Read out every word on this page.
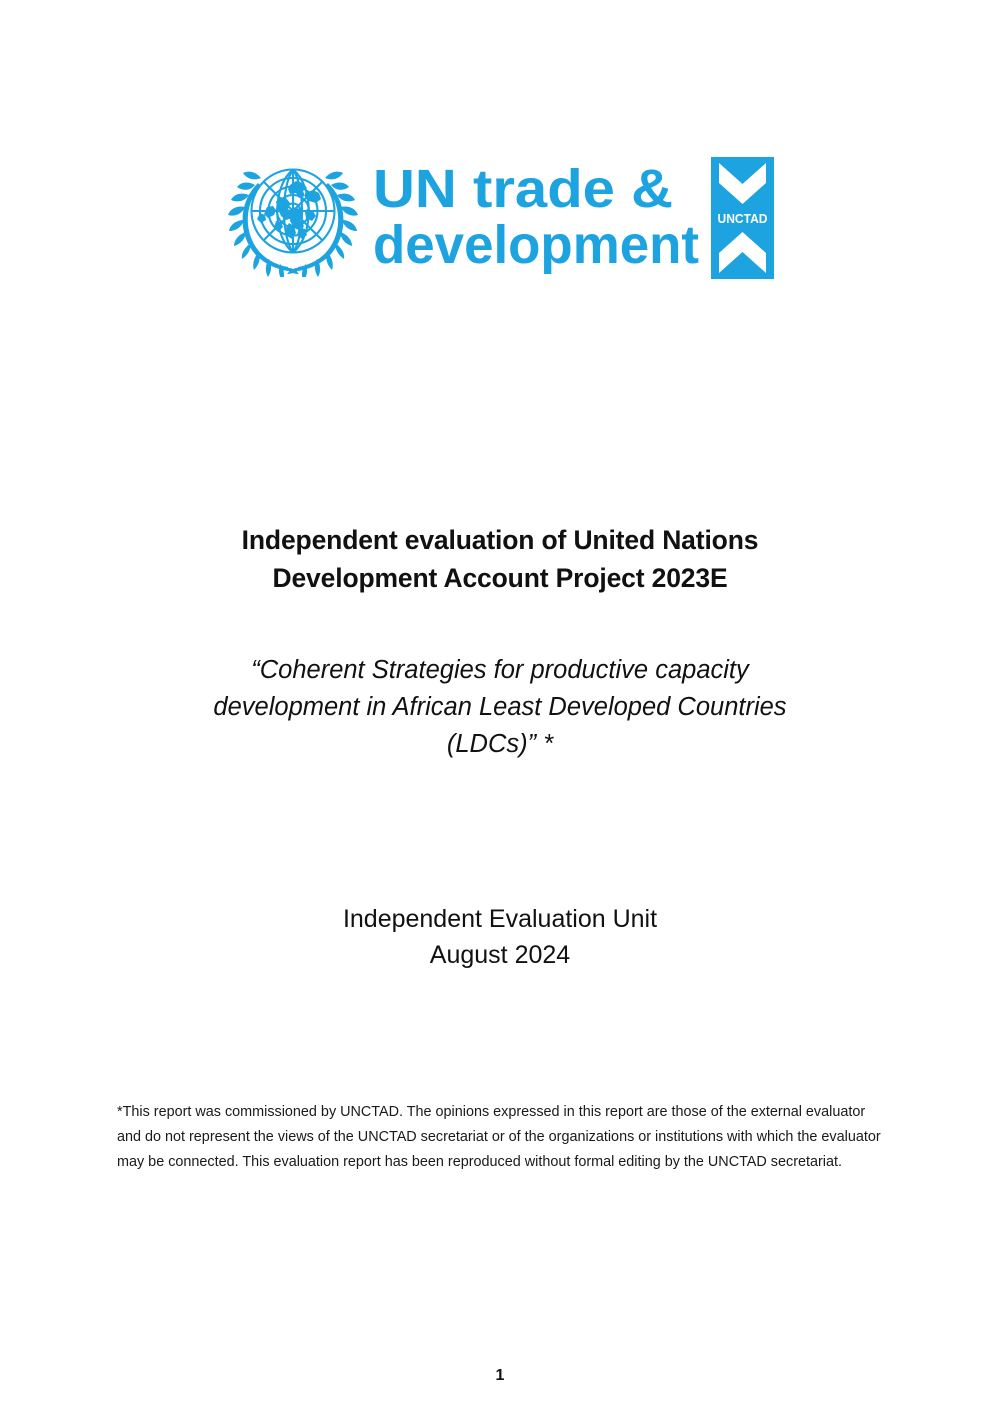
UN trade &
development UNCTAD
Independent evaluation of United Nations
Development Account Project 2023E
“Coherent Strategies for productive capacity
development in African Least Developed Countries
(LDCs)” *
Independent Evaluation Unit
August 2024

*This report was commissioned by UNCTAD. The opinions expressed in this report are those of the external evaluator and do not represent the views of the UNCTAD secretariat or of the organizations or institutions with which the evaluator may be connected. This evaluation report has been reproduced without formal editing by the UNCTAD secretariat.

1
